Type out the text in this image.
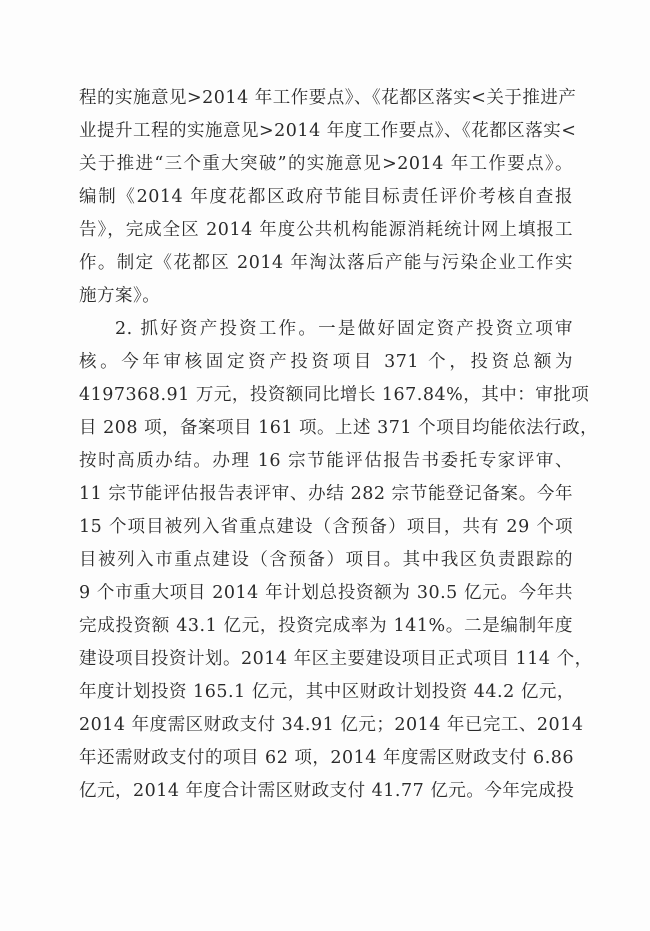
程的实施意见>2014 年工作要点》、《花都区落实<关于推进产
业提升工程的实施意见>2014 年度工作要点》、《花都区落实<
关于推进“三个重大突破”的实施意见>2014 年工作要点》。
编制《2014 年度花都区政府节能目标责任评价考核自查报
告》，完成全区 2014 年度公共机构能源消耗统计网上填报工
作。制定《花都区 2014 年淘汰落后产能与污染企业工作实
施方案》。
2. 抓好资产投资工作。一是做好固定资产投资立项审
核。今年审核固定资产投资项目 371 个，投资总额为
4197368.91 万元，投资额同比增长 167.84%，其中：审批项
目 208 项，备案项目 161 项。上述 371 个项目均能依法行政，
按时高质办结。办理 16 宗节能评估报告书委托专家评审、
11 宗节能评估报告表评审、办结 282 宗节能登记备案。今年
15 个项目被列入省重点建设（含预备）项目，共有 29 个项
目被列入市重点建设（含预备）项目。其中我区负责跟踪的
9 个市重大项目 2014 年计划总投资额为 30.5 亿元。今年共
完成投资额 43.1 亿元，投资完成率为 141%。二是编制年度
建设项目投资计划。2014 年区主要建设项目正式项目 114 个，
年度计划投资 165.1 亿元，其中区财政计划投资 44.2 亿元，
2014 年度需区财政支付 34.91 亿元；2014 年已完工、2014
年还需财政支付的项目 62 项，2014 年度需区财政支付 6.86
亿元，2014 年度合计需区财政支付 41.77 亿元。今年完成投
